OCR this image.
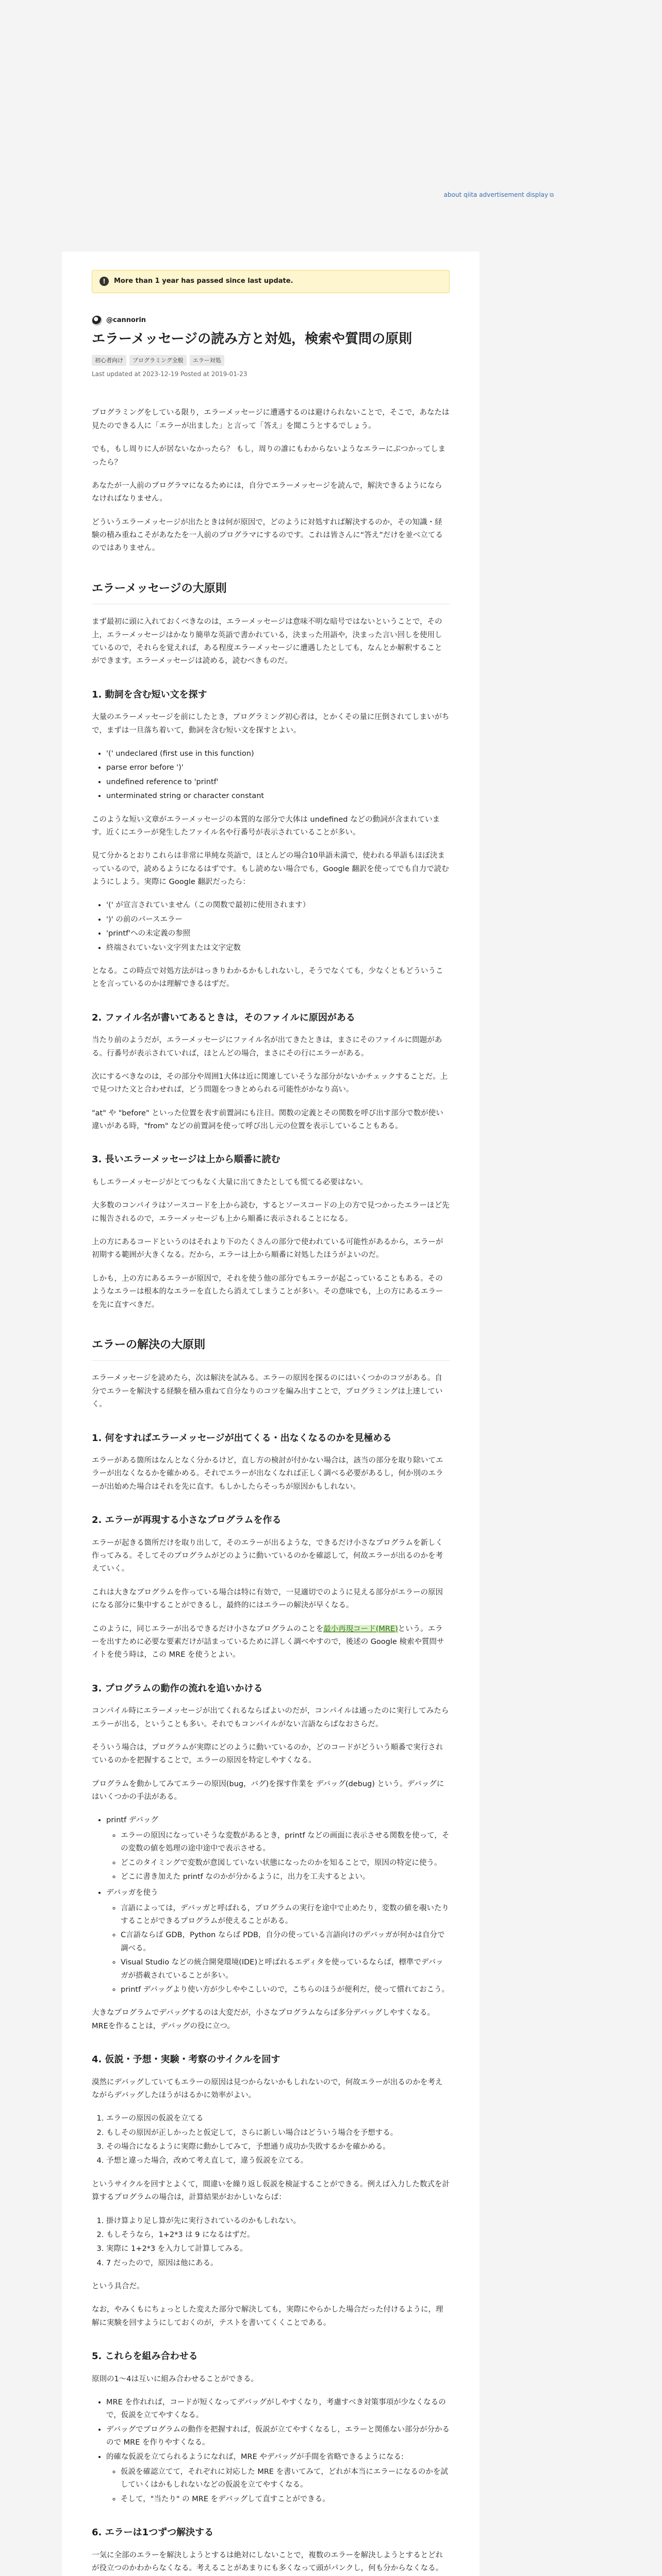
about qiita advertisement display ⧉
!	More than 1 year has passed since last update.
@cannorin
エラーメッセージの読み方と対処，検索や質問の原則
初心者向け	プログラミング全般	エラー対処
Last updated at 2023-12-19 Posted at 2019-01-23

プログラミングをしている限り，エラーメッセージに遭遇するのは避けられないことで，そこで，あなたは見たのできる人に「エラーが出ました」と言って「答え」を聞こうとするでしょう。

でも，もし周りに人が居ないなかったら？ もし，周りの誰にもわからないようなエラーにぶつかってしまったら？

あなたが一人前のプログラマになるためには，自分でエラーメッセージを読んで，解決できるようにならなければなりません。

どういうエラーメッセージが出たときは何が原因で，どのように対処すれば解決するのか，その知識・経験の積み重ねこそがあなたを一人前のプログラマにするのです。これは皆さんに“答え”だけを並べ立てるのではありません。

エラーメッセージの大原則

まず最初に頭に入れておくべきなのは，エラーメッセージは意味不明な暗号ではないということで，その上，エラーメッセージはかなり簡単な英語で書かれている，決まった用語や，決まった言い回しを使用しているので，それらを覚えれば，ある程度エラーメッセージに遭遇したとしても，なんとか解釈することができます。エラーメッセージは読める，読むべきものだ。

1. 動詞を含む短い文を探す

大量のエラーメッセージを前にしたとき，プログラミング初心者は，とかくその量に圧倒されてしまいがちで，まずは一旦落ち着いて，動詞を含む短い文を探すとよい。

• '(' undeclared (first use in this function)
• parse error before ')'
• undefined reference to 'printf'
• unterminated string or character constant

このような短い文章がエラーメッセージの本質的な部分で大体は undefined などの動詞が含まれています。近くにエラーが発生したファイル名や行番号が表示されていることが多い。

見て分かるとおりこれらは非常に単純な英語で，ほとんどの場合10単語未満で，使われる単語もほぼ決まっているので，読めるようになるはずです。もし読めない場合でも，Google 翻訳を使ってでも自力で読むようにしよう。実際に Google 翻訳だったら：

• '(' が宣言されていません（この関数で最初に使用されます）
• ')' の前のパースエラー
• 'printf'への未定義の参照
• 終端されていない文字列または文字定数

となる。この時点で対処方法がはっきりわかるかもしれないし，そうでなくても，少なくともどういうことを言っているのかは理解できるはずだ。

2. ファイル名が書いてあるときは，そのファイルに原因がある

当たり前のようだが，エラーメッセージにファイル名が出てきたときは，まさにそのファイルに問題がある。行番号が表示されていれば，ほとんどの場合，まさにその行にエラーがある。

次にするべきなのは，その部分や周囲1大体は近に関連していそうな部分がないかチェックすることだ。上で見つけた文と合わせれば，どう問題をつきとめられる可能性がかなり高い。

"at" や "before" といった位置を表す前置詞にも注目。関数の定義とその関数を呼び出す部分で数が使い違いがある時，"from" などの前置詞を使って呼び出し元の位置を表示していることもある。

3. 長いエラーメッセージは上から順番に読む

もしエラーメッセージがとてつもなく大量に出てきたとしても慌てる必要はない。

大多数のコンパイラはソースコードを上から読む，するとソースコードの上の方で見つかったエラーほど先に報告されるので，エラーメッセージも上から順番に表示されることになる。

上の方にあるコードというのはそれより下のたくさんの部分で使われている可能性があるから，エラーが初期する範囲が大きくなる。だから，エラーは上から順番に対処したほうがよいのだ。

しかも，上の方にあるエラーが原因で，それを使う他の部分でもエラーが起こっていることもある。そのようなエラーは根本的なエラーを直したら消えてしまうことが多い。その意味でも，上の方にあるエラーを先に直すべきだ。

エラーの解決の大原則

エラーメッセージを読めたら，次は解決を試みる。エラーの原因を探るのにはいくつかのコツがある。自分でエラーを解決する経験を積み重ねて自分なりのコツを編み出すことで，プログラミングは上達していく。

1. 何をすればエラーメッセージが出てくる・出なくなるのかを見極める

エラーがある箇所はなんとなく分かるけど，直し方の検討が付かない場合は，該当の部分を取り除いてエラーが出なくなるかを確かめる。それでエラーが出なくなれば正しく調べる必要があるし，何か別のエラーが出始めた場合はそれを先に直す。もしかしたらそっちが原因かもしれない。

2. エラーが再現する小さなプログラムを作る

エラーが起きる箇所だけを取り出して，そのエラーが出るような，できるだけ小さなプログラムを新しく作ってみる。そしてそのプログラムがどのように動いているのかを確認して，何故エラーが出るのかを考えていく。

これは大きなプログラムを作っている場合は特に有効で，一見適切でのように見える部分がエラーの原因になる部分に集中することができるし，最終的にはエラーの解決が早くなる。

このように，同じエラーが出るできるだけ小さなプログラムのことを最小再現コード(MRE)という。エラーを出すために必要な要素だけが詰まっているために詳しく調べやすので，後述の Google 検索や質問サイトを使う時は，この MRE を使うとよい。

3. プログラムの動作の流れを追いかける

コンパイル時にエラーメッセージが出てくれるならばよいのだが，コンパイルは通ったのに実行してみたらエラーが出る，ということも多い。それでもコンパイルがない言語ならばなおさらだ。

そういう場合は，プログラムが実際にどのように動いているのか，どのコードがどういう順番で実行されているのかを把握することで，エラーの原因を特定しやすくなる。

プログラムを動かしてみてエラーの原因(bug，バグ)を探す作業を デバッグ(debug) という。デバッグにはいくつかの手法がある。

• printf デバッグ
◦ エラーの原因になっていそうな変数があるとき，printf などの画面に表示させる関数を使って，その変数の値を処理の途中途中で表示させる。
◦ どこのタイミングで変数が意図していない状態になったのかを知ることで，原因の特定に使う。
◦ どこに書き加えた printf なのかが分かるように，出力を工夫するとよい。
• デバッガを使う
◦ 言語によっては，デバッガと呼ばれる，プログラムの実行を途中で止めたり，変数の値を覗いたりすることができるプログラムが使えることがある。
◦ C言語ならば GDB，Python ならば PDB，自分の使っている言語向けのデバッガが何かは自分で調べる。
◦ Visual Studio などの統合開発環境(IDE)と呼ばれるエディタを使っているならば，標準でデバッガが搭載されていることが多い。
◦ printf デバッグより使い方が少しややこしいので，こちらのほうが便利だ，使って慣れておこう。

大きなプログラムでデバッグするのは大変だが，小さなプログラムならば多分デバッグしやすくなる。MREを作ることは，デバッグの役に立つ。

4. 仮説・予想・実験・考察のサイクルを回す

漠然にデバッグしていてもエラーの原因は見つからないかもしれないので，何故エラーが出るのかを考えながらデバッグしたほうがはるかに効率がよい。

1. エラーの原因の仮説を立てる
2. もしその原因が正しかったと仮定して，さらに新しい場合はどういう場合を予想する。
3. その場合になるように実際に動かしてみて，予想通り成功か失敗するかを確かめる。
4. 予想と違った場合，改めて考え直して，違う仮説を立てる。

というサイクルを回すとよくて，間違いを繰り返し仮説を検証することができる。例えば入力した数式を計算するプログラムの場合は，計算結果がおかしいならば：

1. 掛け算より足し算が先に実行されているのかもしれない。
2. もしそうなら，1+2*3 は 9 になるはずだ。
3. 実際に 1+2*3 を入力して計算してみる。
4. 7 だったので，原因は他にある。

という具合だ。

なお，やみくもにちょっとした変えた部分で解決しても，実際にやらかした場合だった付けるように，理解に実験を回すようにしておくのが，テストを書いてくくことである。

5. これらを組み合わせる

原則の1〜4は互いに組み合わせることができる。

• MRE を作れれば，コードが短くなってデバッグがしやすくなり，考慮すべき対策事項が少なくなるので，仮説を立てやすくなる。
• デバッグでプログラムの動作を把握すれば，仮説が立てやすくなるし，エラーと関係ない部分が分かるので MRE を作りやすくなる。
• 的確な仮説を立てられるようになれば，MRE やデバッグが手間を省略できるようになる:
◦ 仮説を確認立てて，それぞれに対応した MRE を書いてみて，どれが本当にエラーになるのかを試していくはかもしれないなどの仮説を立てやすくなる。
◦ そして，"当たり" の MRE をデバッグして直すことができる。
6. エラーは1つずつ解決する

一気に全部のエラーを解決しようとするは絶対にしないことで，複数のエラーを解決しようとするとどれが役立つのかわからなくなる。考えることがあまりにも多くなって頭がパンクし，何も分からなくなる。
